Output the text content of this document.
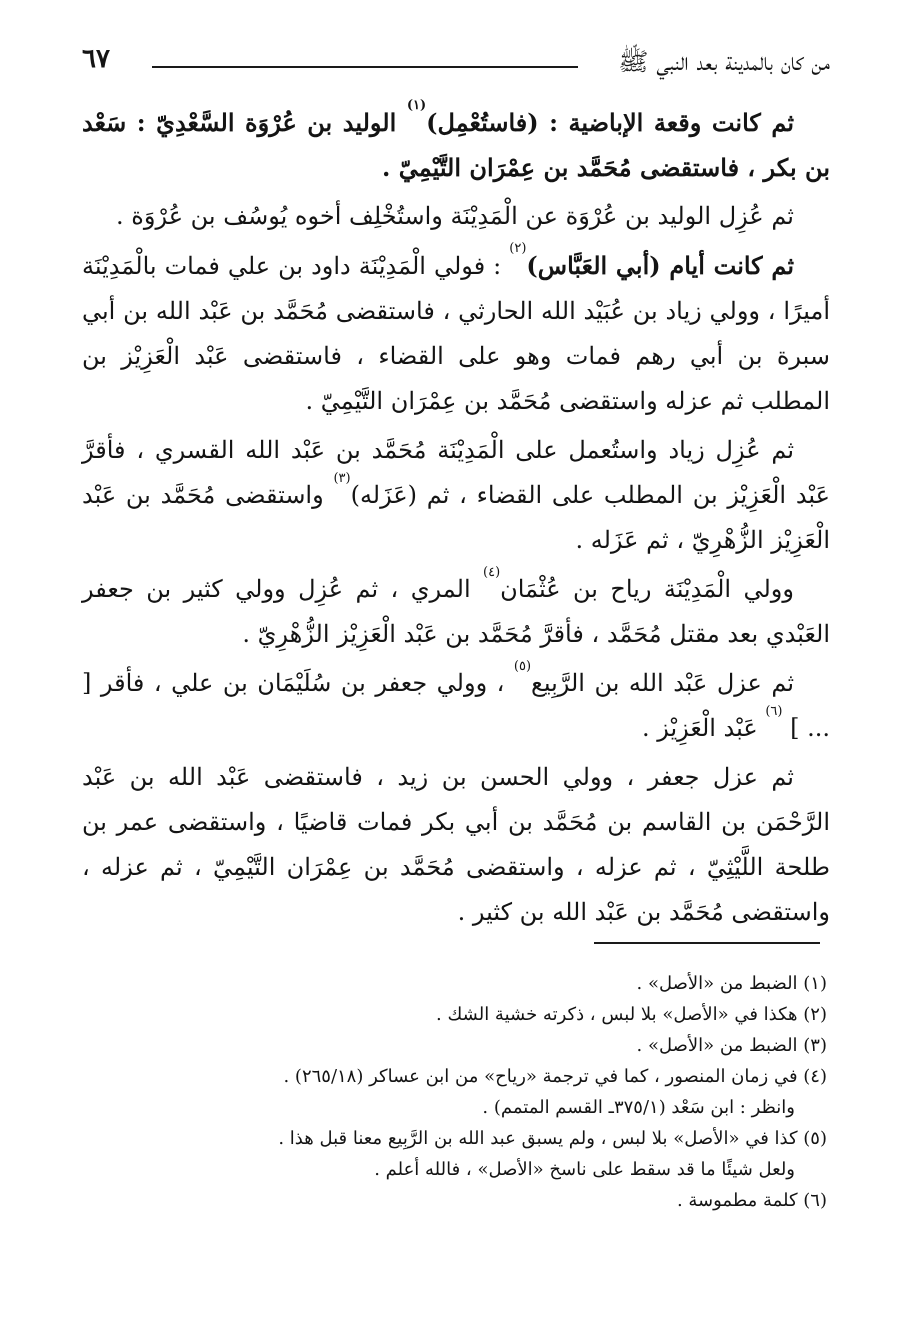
من كان بالمدينة بعد النبي ﷺ
٦٧

ثم كانت وقعة الإباضية : (فاستُعْمِل)$^{(١)}$ الوليد بن عُرْوَة السَّعْدِيّ : سَعْد بن بكر ، فاستقضى مُحَمَّد بن عِمْرَان التَّيْمِيّ .

ثم عُزِل الوليد بن عُرْوَة عن الْمَدِيْنَة واستُخْلِف أخوه يُوسُف بن عُرْوَة .

ثم كانت أيام (أبي العَبَّاس)$^{(٢)}$ : فولي الْمَدِيْنَة داود بن علي فمات بالْمَدِيْنَة أميرًا ، وولي زياد بن عُبَيْد الله الحارثي ، فاستقضى مُحَمَّد بن عَبْد الله بن أبي سبرة بن أبي رهم فمات وهو على القضاء ، فاستقضى عَبْد الْعَزِيْز بن المطلب ثم عزله واستقضى مُحَمَّد بن عِمْرَان التَّيْمِيّ .

ثم عُزِل زياد واستُعمل على الْمَدِيْنَة مُحَمَّد بن عَبْد الله القسري ، فأقرَّ عَبْد الْعَزِيْز بن المطلب على القضاء ، ثم (عَزَله)$^{(٣)}$ واستقضى مُحَمَّد بن عَبْد الْعَزِيْز الزُّهْرِيّ ، ثم عَزَله .

وولي الْمَدِيْنَة رياح بن عُثْمَان$^{(٤)}$ المري ، ثم عُزِل وولي كثير بن جعفر العَبْدي بعد مقتل مُحَمَّد ، فأقرَّ مُحَمَّد بن عَبْد الْعَزِيْز الزُّهْرِيّ .

ثم عزل عَبْد الله بن الرَّبِيع$^{(٥)}$ ، وولي جعفر بن سُلَيْمَان بن علي ، فأقر [ ... ] $^{(٦)}$ عَبْد الْعَزِيْز .

ثم عزل جعفر ، وولي الحسن بن زيد ، فاستقضى عَبْد الله بن عَبْد الرَّحْمَن بن القاسم بن مُحَمَّد بن أبي بكر فمات قاضيًا ، واستقضى عمر بن طلحة اللَّيْثِيّ ، ثم عزله ، واستقضى مُحَمَّد بن عِمْرَان التَّيْمِيّ ، ثم عزله ، واستقضى مُحَمَّد بن عَبْد الله بن كثير .

(١) الضبط من «الأصل» .

(٢) هكذا في «الأصل» بلا لبس ، ذكرته خشية الشك .

(٣) الضبط من «الأصل» .

(٤) في زمان المنصور ، كما في ترجمة «رياح» من ابن عساكر (٢٦٥/١٨) .

وانظر : ابن سَعْد (٣٧٥/١ـ القسم المتمم) .

(٥) كذا في «الأصل» بلا لبس ، ولم يسبق عبد الله بن الرَّبِيع معنا قبل هذا .

ولعل شيئًا ما قد سقط على ناسخ «الأصل» ، فالله أعلم .

(٦) كلمة مطموسة .
